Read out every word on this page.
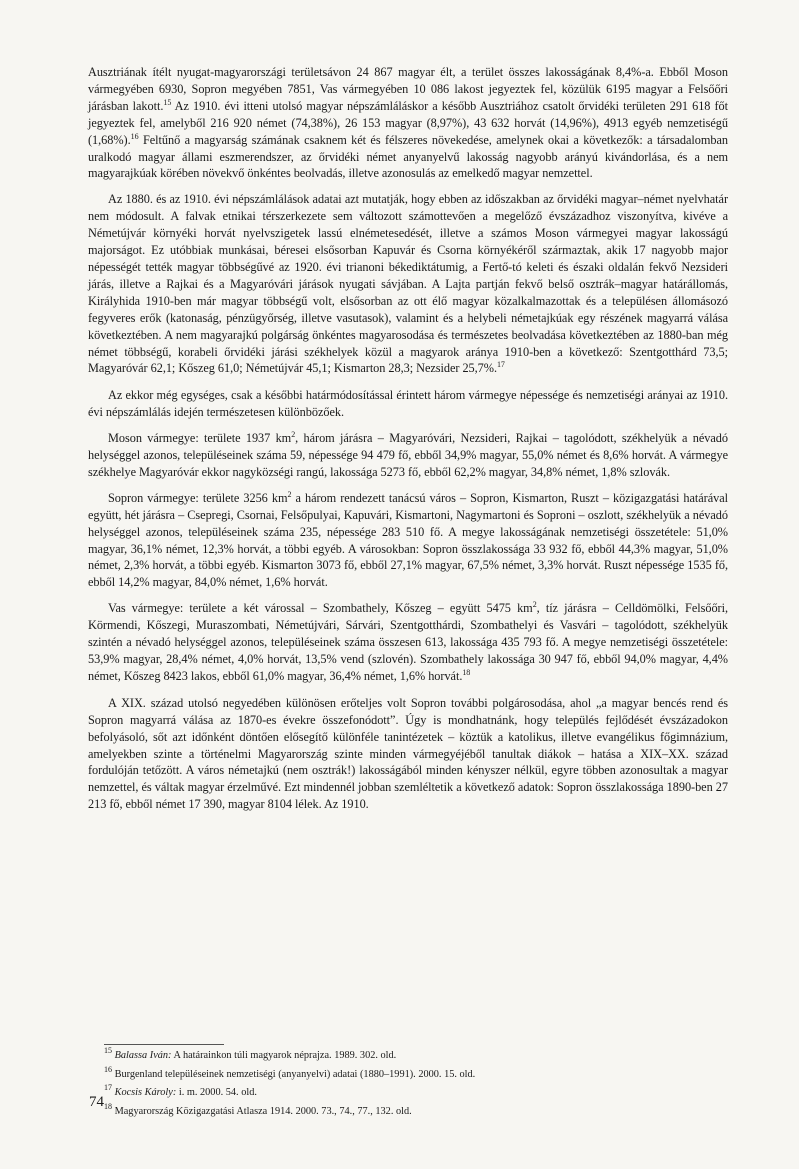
Ausztriának ítélt nyugat-magyarországi területsávon 24 867 magyar élt, a terület összes lakosságának 8,4%-a. Ebből Moson vármegyében 6930, Sopron megyében 7851, Vas vármegyében 10 086 lakost jegyeztek fel, közülük 6195 magyar a Felsőőri járásban lakott.$^{15}$ Az 1910. évi itteni utolsó magyar népszámláláskor a később Ausztriához csatolt őrvidéki területen 291 618 főt jegyeztek fel, amelyből 216 920 német (74,38%), 26 153 magyar (8,97%), 43 632 horvát (14,96%), 4913 egyéb nemzetiségű (1,68%).$^{16}$ Feltűnő a magyarság számának csaknem két és félszeres növekedése, amelynek okai a következők: a társadalomban uralkodó magyar állami eszmerendszer, az őrvidéki német anyanyelvű lakosság nagyobb arányú kivándorlása, és a nem magyarajkúak körében növekvő önkéntes beolvadás, illetve azonosulás az emelkedő magyar nemzettel.

Az 1880. és az 1910. évi népszámlálások adatai azt mutatják, hogy ebben az időszakban az őrvidéki magyar–német nyelvhatár nem módosult. A falvak etnikai térszerkezete sem változott számottevően a megelőző évszázadhoz viszonyítva, kivéve a Németújvár környéki horvát nyelvszigetek lassú elnémetesedését, illetve a számos Moson vármegyei magyar lakosságú majorságot. Ez utóbbiak munkásai, béresei elsősorban Kapuvár és Csorna környékéről származtak, akik 17 nagyobb major népességét tették magyar többségűvé az 1920. évi trianoni békediktátumig, a Fertő-tó keleti és északi oldalán fekvő Nezsideri járás, illetve a Rajkai és a Magyaróvári járások nyugati sávjában. A Lajta partján fekvő belső osztrák–magyar határállomás, Királyhida 1910-ben már magyar többségű volt, elsősorban az ott élő magyar közalkalmazottak és a településen állomásozó fegyveres erők (katonaság, pénzügyőrség, illetve vasutasok), valamint és a helybeli németajkúak egy részének magyarrá válása következtében. A nem magyarajkú polgárság önkéntes magyarosodása és természetes beolvadása következtében az 1880-ban még német többségű, korabeli őrvidéki járási székhelyek közül a magyarok aránya 1910-ben a következő: Szentgotthárd 73,5; Magyaróvár 62,1; Kőszeg 61,0; Németújvár 45,1; Kismarton 28,3; Nezsider 25,7%.$^{17}$

Az ekkor még egységes, csak a későbbi határmódosítással érintett három vármegye népessége és nemzetiségi arányai az 1910. évi népszámlálás idején természetesen különbözőek.

Moson vármegye: területe 1937 $km^2$, három járásra – Magyaróvári, Nezsideri, Rajkai – tagolódott, székhelyük a névadó helységgel azonos, településeinek száma 59, népessége 94 479 fő, ebből 34,9% magyar, 55,0% német és 8,6% horvát. A vármegye székhelye Magyaróvár ekkor nagyközségi rangú, lakossága 5273 fő, ebből 62,2% magyar, 34,8% német, 1,8% szlovák.

Sopron vármegye: területe 3256 $km^2$ a három rendezett tanácsú város – Sopron, Kismarton, Ruszt – közigazgatási határával együtt, hét járásra – Csepregi, Csornai, Felsőpulyai, Kapuvári, Kismartoni, Nagymartoni és Soproni – oszlott, székhelyük a névadó helységgel azonos, településeinek száma 235, népessége 283 510 fő. A megye lakosságának nemzetiségi összetétele: 51,0% magyar, 36,1% német, 12,3% horvát, a többi egyéb. A városokban: Sopron összlakossága 33 932 fő, ebből 44,3% magyar, 51,0% német, 2,3% horvát, a többi egyéb. Kismarton 3073 fő, ebből 27,1% magyar, 67,5% német, 3,3% horvát. Ruszt népessége 1535 fő, ebből 14,2% magyar, 84,0% német, 1,6% horvát.

Vas vármegye: területe a két várossal – Szombathely, Kőszeg – együtt 5475 $km^2$, tíz járásra – Celldömölki, Felsőőri, Körmendi, Kőszegi, Muraszombati, Németújvári, Sárvári, Szentgotthárdi, Szombathelyi és Vasvári – tagolódott, székhelyük szintén a névadó helységgel azonos, településeinek száma összesen 613, lakossága 435 793 fő. A megye nemzetiségi összetétele: 53,9% magyar, 28,4% német, 4,0% horvát, 13,5% vend (szlovén). Szombathely lakossága 30 947 fő, ebből 94,0% magyar, 4,4% német, Kőszeg 8423 lakos, ebből 61,0% magyar, 36,4% német, 1,6% horvát.$^{18}$

A XIX. század utolsó negyedében különösen erőteljes volt Sopron további polgárosodása, ahol „a magyar bencés rend és Sopron magyarrá válása az 1870-es évekre összefonódott”. Úgy is mondhatnánk, hogy település fejlődését évszázadokon befolyásoló, sőt azt időnként döntően elősegítő különféle tanintézetek – köztük a katolikus, illetve evangélikus főgimnázium, amelyekben szinte a történelmi Magyarország szinte minden vármegyéjéből tanultak diákok – hatása a XIX–XX. század fordulóján tetőzött. A város németajkú (nem osztrák!) lakosságából minden kényszer nélkül, egyre többen azonosultak a magyar nemzettel, és váltak magyar érzelművé. Ezt mindennél jobban szemléltetik a következő adatok: Sopron összlakossága 1890-ben 27 213 fő, ebből német 17 390, magyar 8104 lélek. Az 1910.

$^{15}$ Balassa Iván: A határainkon túli magyarok néprajza. 1989. 302. old.
$^{16}$ Burgenland településeinek nemzetiségi (anyanyelvi) adatai (1880–1991). 2000. 15. old.
$^{17}$ Kocsis Károly: i. m. 2000. 54. old.
$^{18}$ Magyarország Közigazgatási Atlasza 1914. 2000. 73., 74., 77., 132. old.
74
